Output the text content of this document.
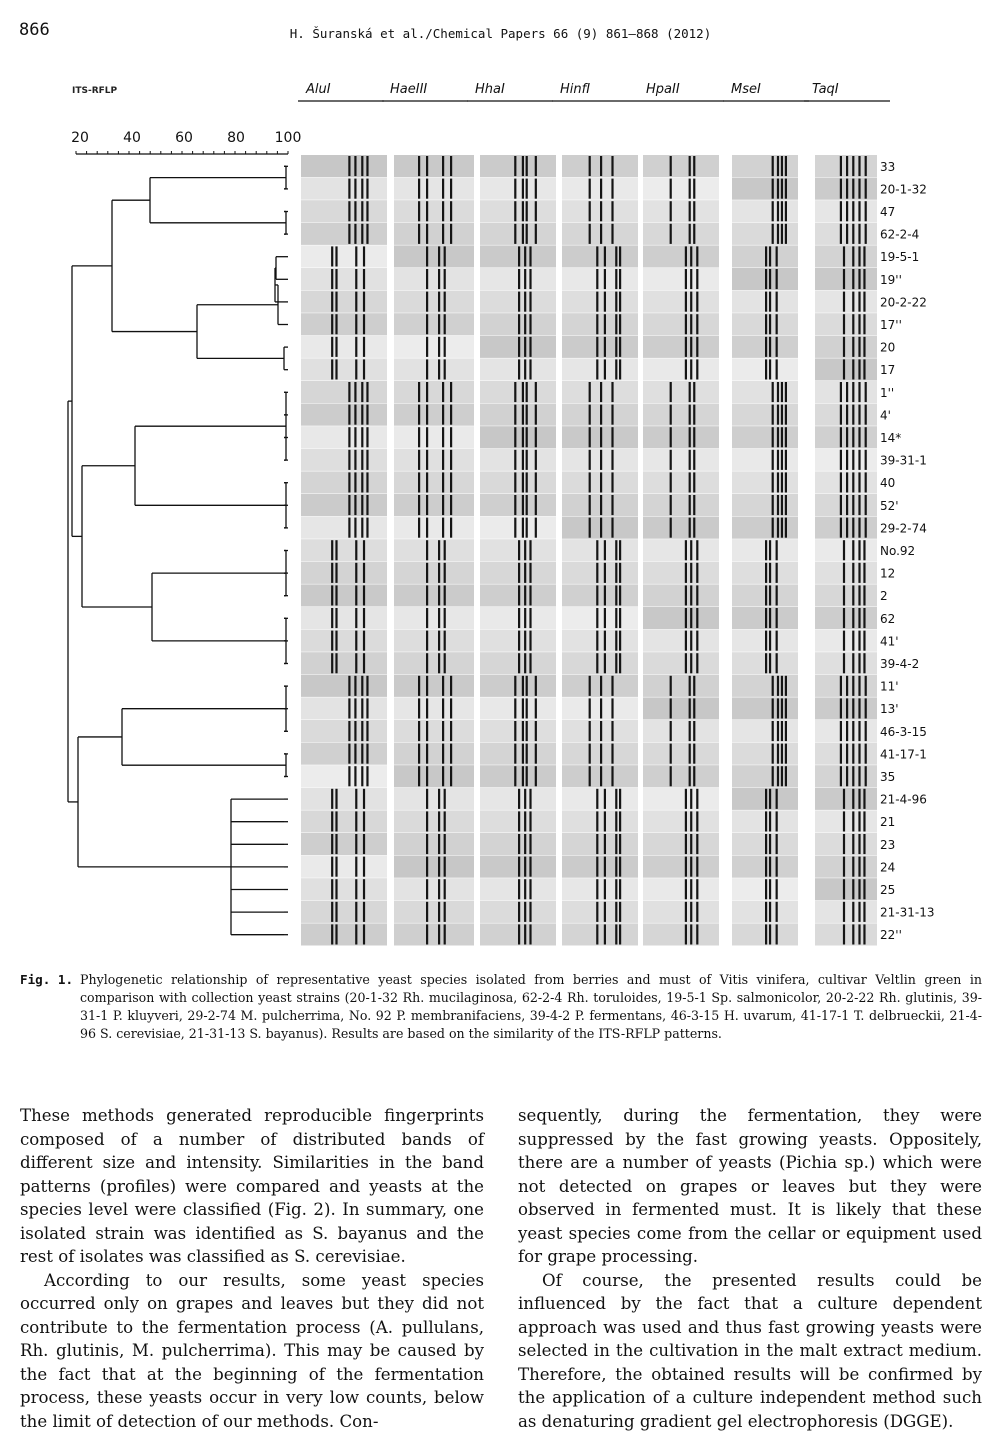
866	H. Šuranská et al./Chemical Papers 66 (9) 861–868 (2012)
ITS-RFLP	AluI	HaeIII	HhaI	HinfI	HpaII	MseI	TaqI
20 40 60 80 100
33
20-1-32
47
62-2-4
19-5-1
19''
20-2-22
17''
20
17
1''
4'
14*
39-31-1
40
52'
29-2-74
No.92
12
2
62
41'
39-4-2
11'
13'
46-3-15
41-17-1
35
21-4-96
21
23
24
25
21-31-13
22''
Fig. 1. Phylogenetic relationship of representative yeast species isolated from berries and must of Vitis vinifera, cultivar Veltlin green in comparison with collection yeast strains (20-1-32 Rh. mucilaginosa, 62-2-4 Rh. toruloides, 19-5-1 Sp. salmonicolor, 20-2-22 Rh. glutinis, 39-31-1 P. kluyveri, 29-2-74 M. pulcherrima, No. 92 P. membranifaciens, 39-4-2 P. fermentans, 46-3-15 H. uvarum, 41-17-1 T. delbrueckii, 21-4-96 S. cerevisiae, 21-31-13 S. bayanus). Results are based on the similarity of the ITS-RFLP patterns.

These methods generated reproducible fingerprints composed of a number of distributed bands of different size and intensity. Similarities in the band patterns (profiles) were compared and yeasts at the species level were classified (Fig. 2). In summary, one isolated strain was identified as S. bayanus and the rest of isolates was classified as S. cerevisiae.

According to our results, some yeast species occurred only on grapes and leaves but they did not contribute to the fermentation process (A. pullulans, Rh. glutinis, M. pulcherrima). This may be caused by the fact that at the beginning of the fermentation process, these yeasts occur in very low counts, below the limit of detection of our methods. Con-

sequently, during the fermentation, they were suppressed by the fast growing yeasts. Oppositely, there are a number of yeasts (Pichia sp.) which were not detected on grapes or leaves but they were observed in fermented must. It is likely that these yeast species come from the cellar or equipment used for grape processing.

Of course, the presented results could be influenced by the fact that a culture dependent approach was used and thus fast growing yeasts were selected in the cultivation in the malt extract medium. Therefore, the obtained results will be confirmed by the application of a culture independent method such as denaturing gradient gel electrophoresis (DGGE).
